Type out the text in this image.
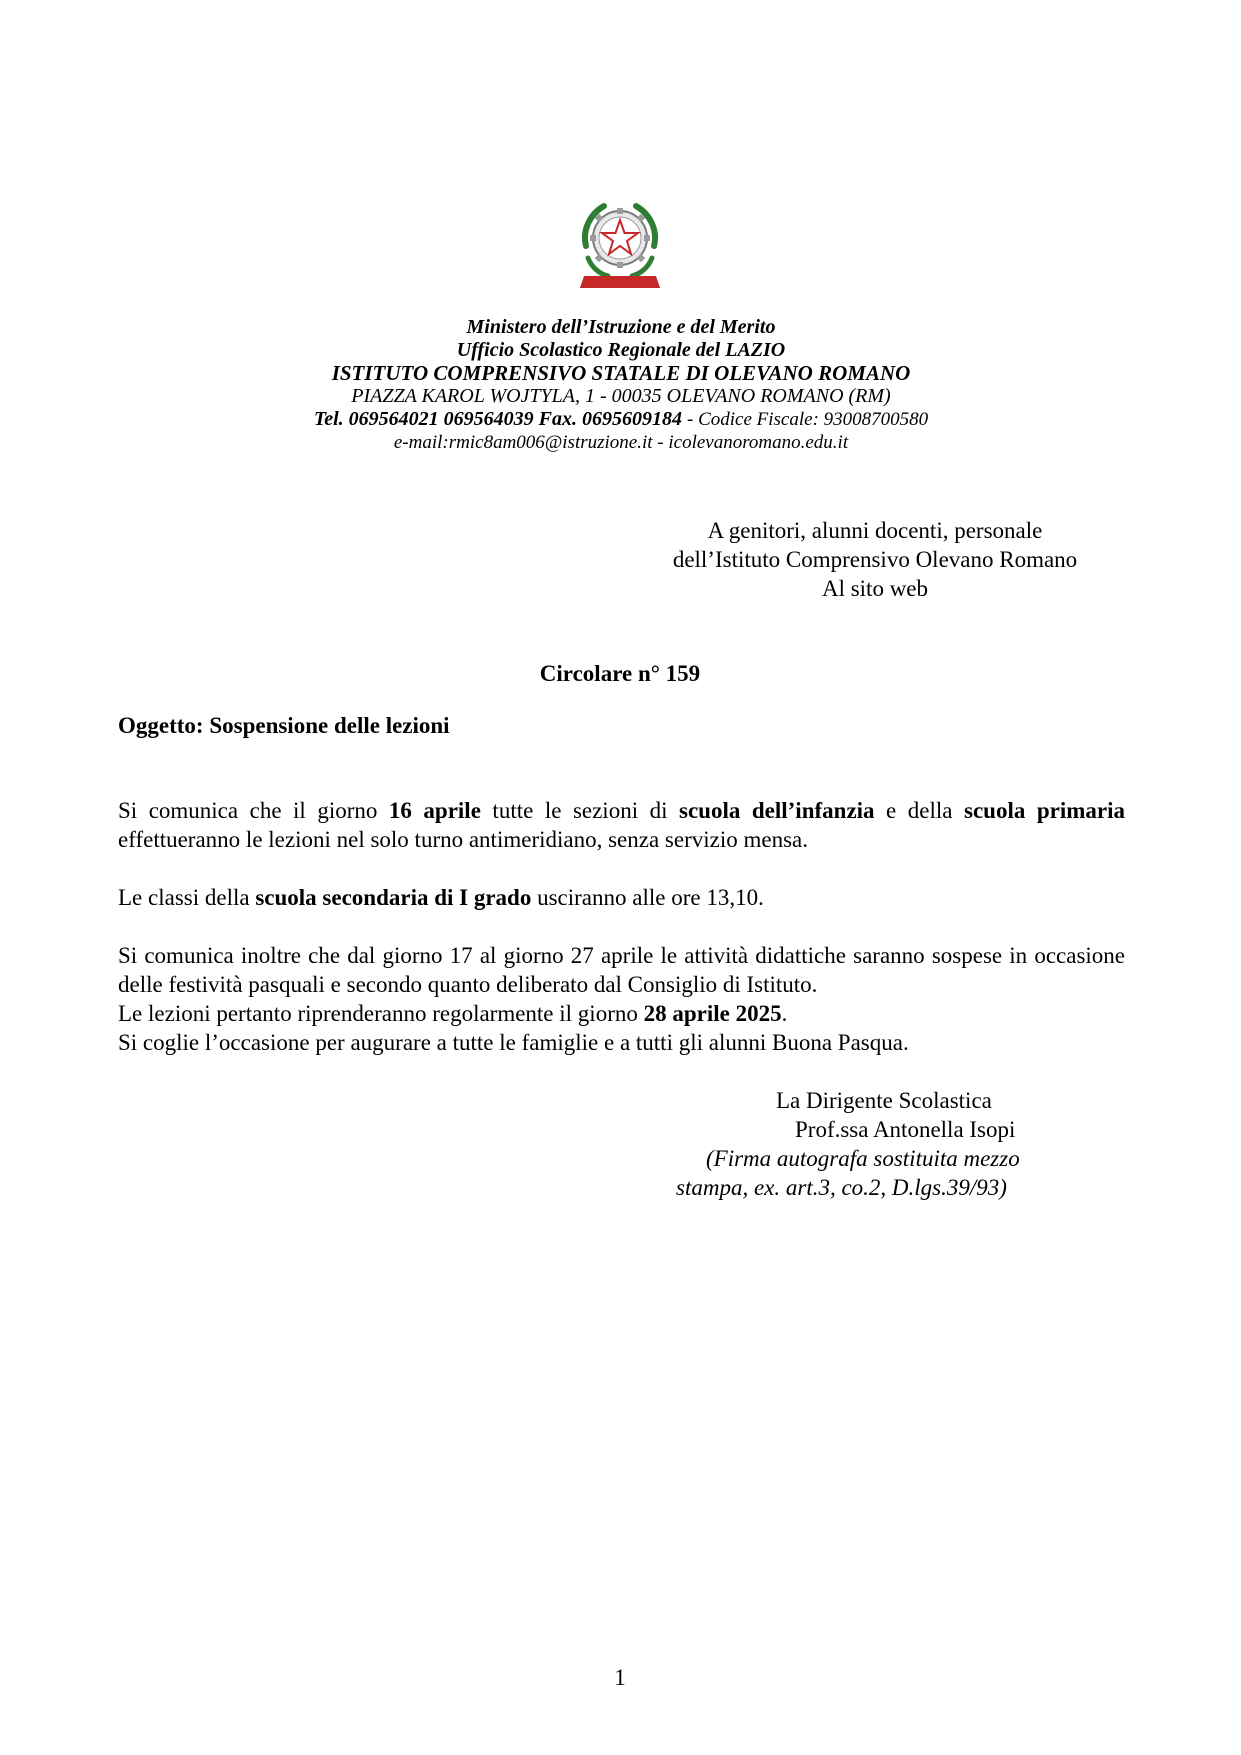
Ministero dell’Istruzione e del Merito
Ufficio Scolastico Regionale del LAZIO
ISTITUTO COMPRENSIVO STATALE DI OLEVANO ROMANO
PIAZZA KAROL WOJTYLA, 1 - 00035 OLEVANO ROMANO (RM)
Tel. 069564021 069564039 Fax. 0695609184 - Codice Fiscale: 93008700580
e-mail:rmic8am006@istruzione.it - icolevanoromano.edu.it
A genitori, alunni docenti, personale
dell’Istituto Comprensivo Olevano Romano
Al sito web
Circolare n° 159
Oggetto: Sospensione delle lezioni

Si comunica che il giorno 16 aprile tutte le sezioni di scuola dell’infanzia e della scuola primaria effettueranno le lezioni nel solo turno antimeridiano, senza servizio mensa.

Le classi della scuola secondaria di I grado usciranno alle ore 13,10.

Si comunica inoltre che dal giorno 17 al giorno 27 aprile le attività didattiche saranno sospese in occasione delle festività pasquali e secondo quanto deliberato dal Consiglio di Istituto.

Le lezioni pertanto riprenderanno regolarmente il giorno 28 aprile 2025.

Si coglie l’occasione per augurare a tutte le famiglie e a tutti gli alunni Buona Pasqua.

La Dirigente Scolastica
Prof.ssa Antonella Isopi
(Firma autografa sostituita mezzo
stampa, ex. art.3, co.2, D.lgs.39/93)
1
